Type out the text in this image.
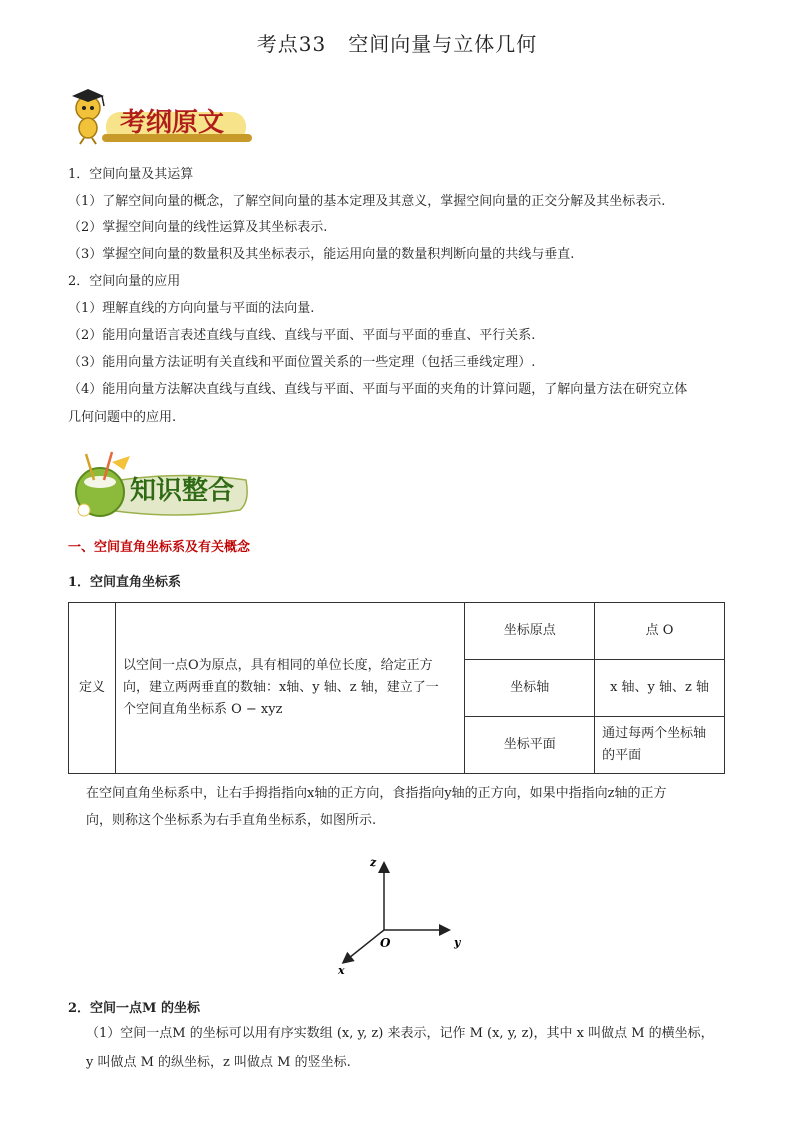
考点33 空间向量与立体几何
考纲原文
1．空间向量及其运算
（1）了解空间向量的概念，了解空间向量的基本定理及其意义，掌握空间向量的正交分解及其坐标表示.
（2）掌握空间向量的线性运算及其坐标表示.
（3）掌握空间向量的数量积及其坐标表示，能运用向量的数量积判断向量的共线与垂直.
2．空间向量的应用
（1）理解直线的方向向量与平面的法向量.
（2）能用向量语言表述直线与直线、直线与平面、平面与平面的垂直、平行关系.
（3）能用向量方法证明有关直线和平面位置关系的一些定理（包括三垂线定理）.
（4）能用向量方法解决直线与直线、直线与平面、平面与平面的夹角的计算问题，了解向量方法在研究立体
几何问题中的应用.
知识整合
一、空间直角坐标系及有关概念
1．空间直角坐标系
定义	以空间一点O为原点，具有相同的单位长度，给定正方
向，建立两两垂直的数轴：x轴、y 轴、z 轴，建立了一
个空间直角坐标系 O − xyz	坐标原点	点 O
		坐标轴	x 轴、y 轴、z 轴
		坐标平面	通过每两个坐标轴的平面
在空间直角坐标系中，让右手拇指指向x轴的正方向，食指指向y轴的正方向，如果中指指向z轴的正方
向，则称这个坐标系为右手直角坐标系，如图所示.
z
y
x
O
2．空间一点M 的坐标
（1）空间一点M 的坐标可以用有序实数组 (x, y, z) 来表示，记作 M (x, y, z)，其中 x 叫做点 M 的横坐标，
y 叫做点 M 的纵坐标，z 叫做点 M 的竖坐标.
